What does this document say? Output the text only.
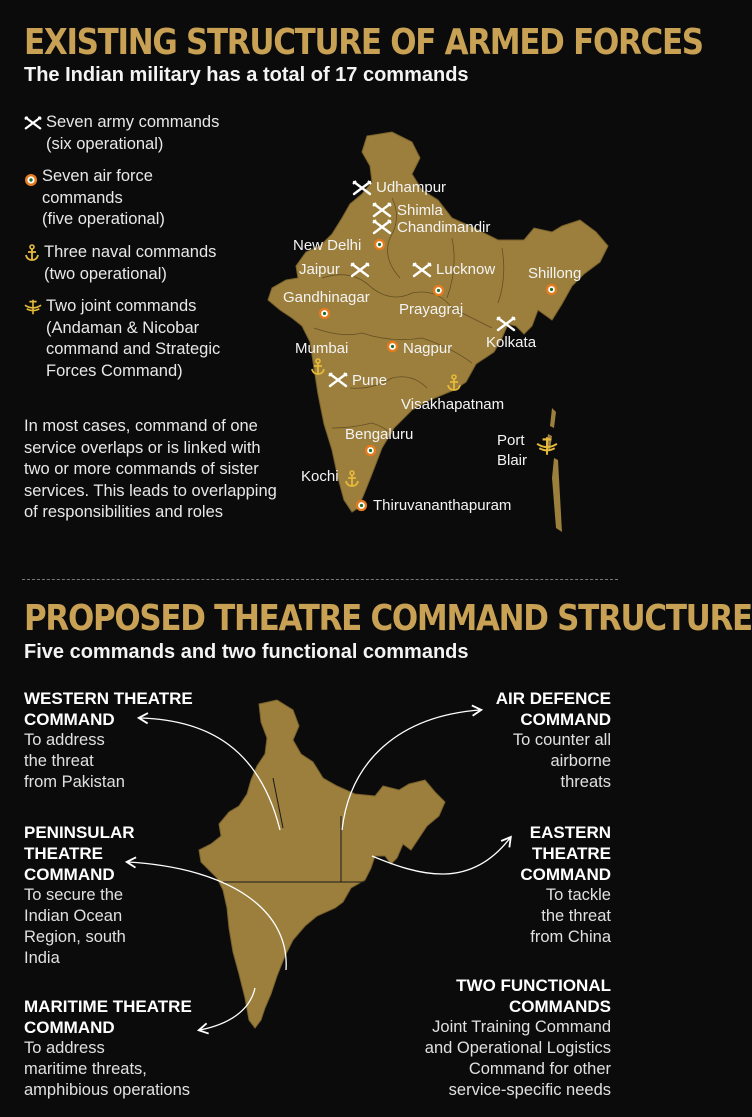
EXISTING STRUCTURE OF ARMED FORCES
The Indian military has a total of 17 commands
Seven army commands
(six operational)
Seven air force
commands
(five operational)
Three naval commands
(two operational)
Two joint commands
(Andaman & Nicobar
command and Strategic
Forces Command)
In most cases, command of one service overlaps or is linked with two or more commands of sister services. This leads to overlapping of responsibilities and roles
Udhampur
Shimla
Chandimandir
New Delhi
Jaipur	Lucknow Shillong
Gandhinagar
Prayagraj
Kolkata
Mumbai	Nagpur
Pune
Visakhapatnam
Bengaluru	Port
Blair
Kochi
Thiruvananthapuram
PROPOSED THEATRE COMMAND STRUCTURE
Five commands and two functional commands
WESTERN THEATRE
COMMAND
To address
the threat
from Pakistan
PENINSULAR
THEATRE
COMMAND
To secure the
Indian Ocean
Region, south
India
MARITIME THEATRE
COMMAND
To address
maritime threats,
amphibious operations
AIR DEFENCE
COMMAND
To counter all
airborne
threats
EASTERN
THEATRE
COMMAND
To tackle
the threat
from China
TWO FUNCTIONAL
COMMANDS
Joint Training Command
and Operational Logistics
Command for other
service-specific needs
